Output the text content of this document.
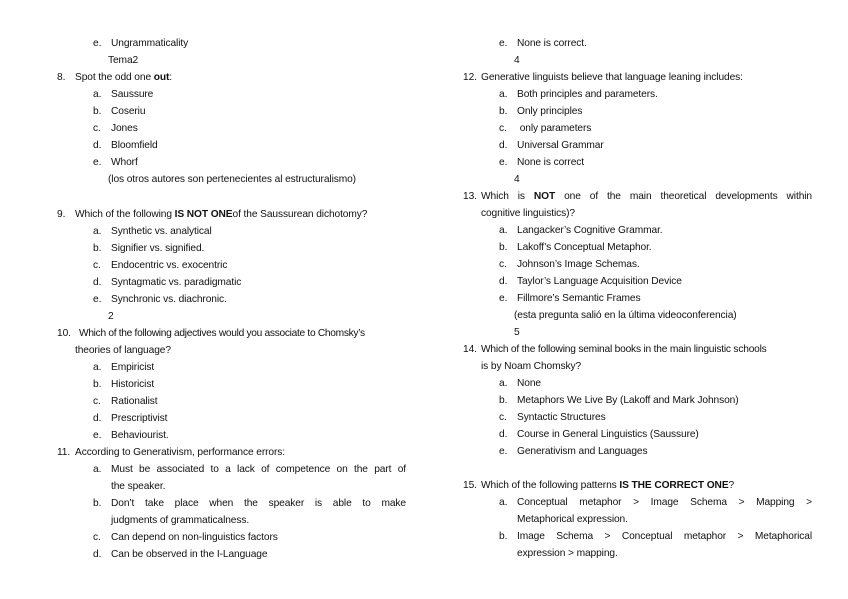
e. Ungrammaticality
Tema2
8. Spot the odd one out:
a. Saussure
b. Coseriu
c. Jones
d. Bloomfield
e. Whorf
(los otros autores son pertenecientes al estructuralismo)
9. Which of the following IS NOT ONEof the Saussurean dichotomy?
a. Synthetic vs. analytical
b. Signifier vs. signified.
c. Endocentric vs. exocentric
d. Syntagmatic vs. paradigmatic
e. Synchronic vs. diachronic.
2
10. Which of the following adjectives would you associate to Chomsky’s
theories of language?
a. Empiricist
b. Historicist
c. Rationalist
d. Prescriptivist
e. Behaviourist.
11. According to Generativism, performance errors:
a. Must be associated to a lack of competence on the part of
the speaker.
b. Don’t take place when the speaker is able to make
judgments of grammaticalness.
c. Can depend on non-linguistics factors
d. Can be observed in the I-Language
e. None is correct.
4
12. Generative linguists believe that language leaning includes:
a. Both principles and parameters.
b. Only principles
c. only parameters
d. Universal Grammar
e. None is correct
4
13. Which is NOT one of the main theoretical developments within
cognitive linguistics)?
a. Langacker’s Cognitive Grammar.
b. Lakoff’s Conceptual Metaphor.
c. Johnson’s Image Schemas.
d. Taylor’s Language Acquisition Device
e. Fillmore’s Semantic Frames
(esta pregunta salió en la última videoconferencia)
5
14. Which of the following seminal books in the main linguistic schools
is by Noam Chomsky?
a. None
b. Metaphors We Live By (Lakoff and Mark Johnson)
c. Syntactic Structures
d. Course in General Linguistics (Saussure)
e. Generativism and Languages
15. Which of the following patterns IS THE CORRECT ONE?
a. Conceptual metaphor > Image Schema > Mapping >
Metaphorical expression.
b. Image Schema > Conceptual metaphor > Metaphorical
expression > mapping.
